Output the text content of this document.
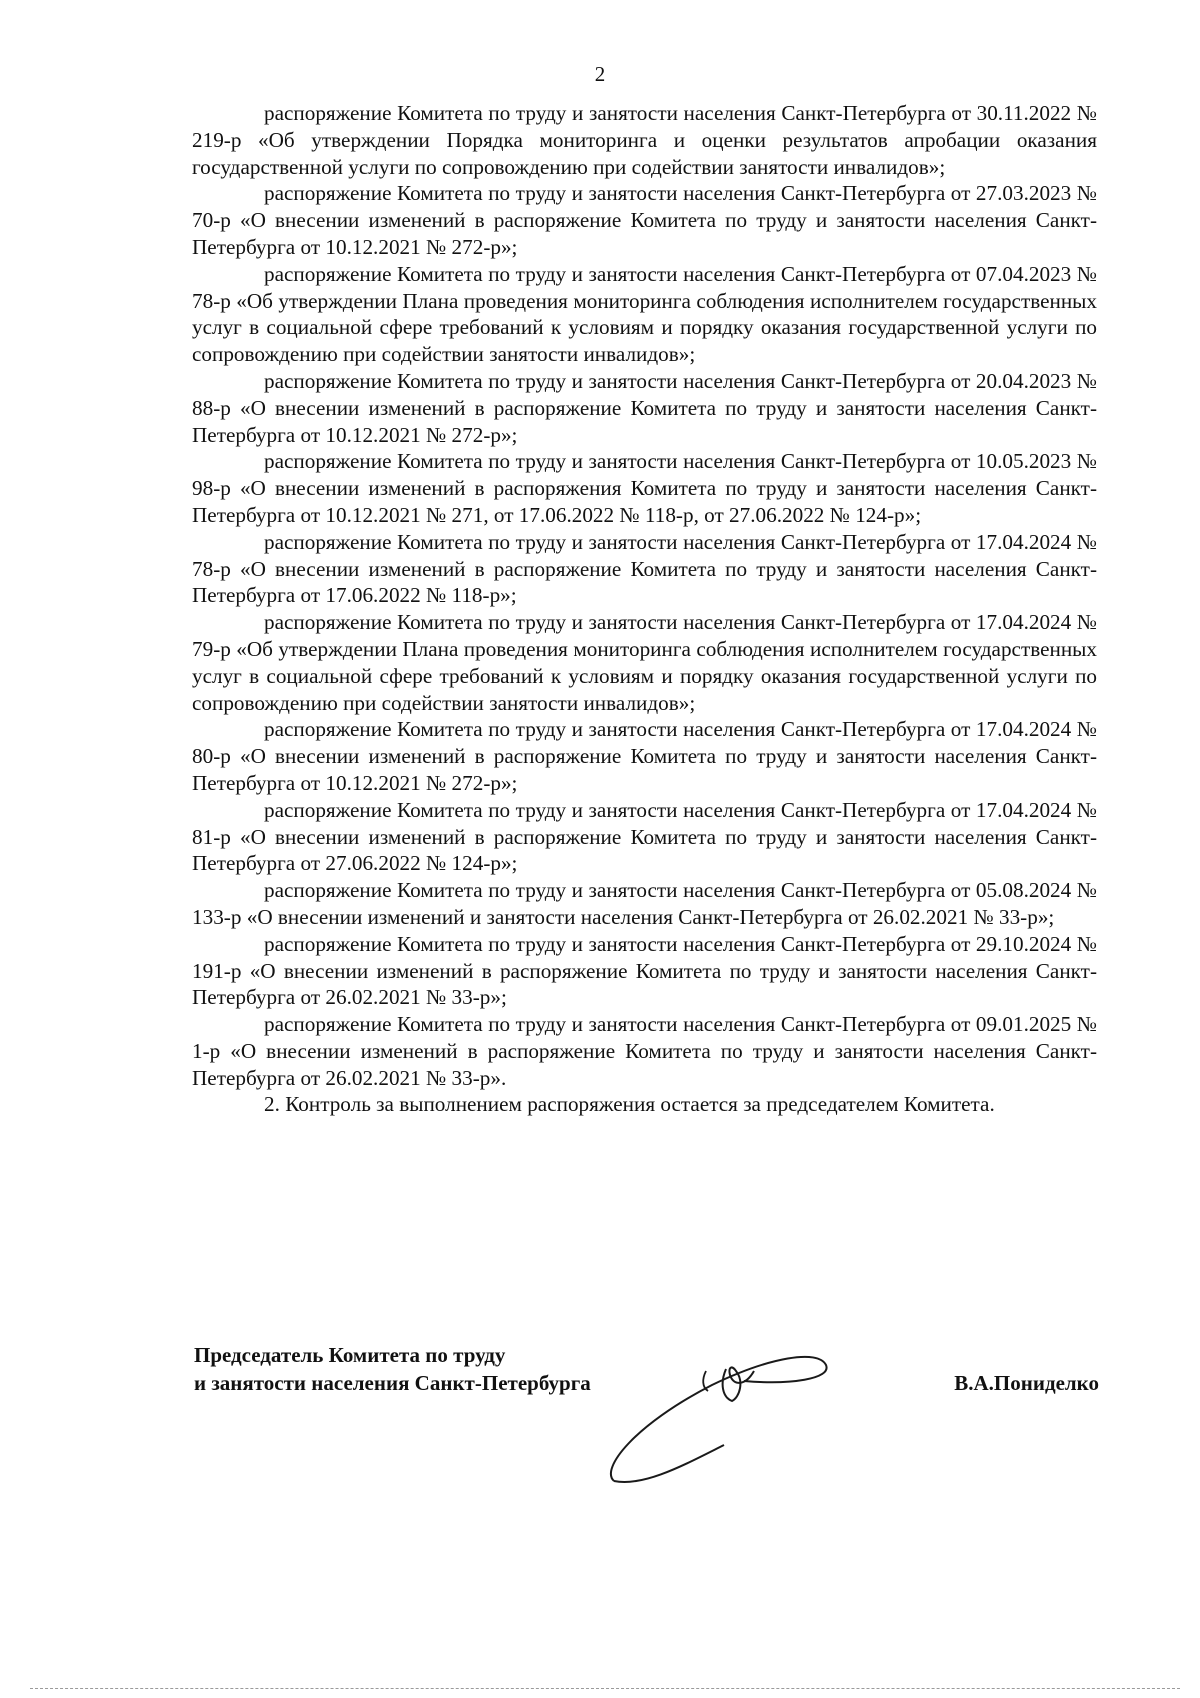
2

распоряжение Комитета по труду и занятости населения Санкт-Петербурга от 30.11.2022 № 219-р «Об утверждении Порядка мониторинга и оценки результатов апробации оказания государственной услуги по сопровождению при содействии занятости инвалидов»;

распоряжение Комитета по труду и занятости населения Санкт-Петербурга от 27.03.2023 № 70-р «О внесении изменений в распоряжение Комитета по труду и занятости населения Санкт-Петербурга от 10.12.2021 № 272-р»;

распоряжение Комитета по труду и занятости населения Санкт-Петербурга от 07.04.2023 № 78-р «Об утверждении Плана проведения мониторинга соблюдения исполнителем государственных услуг в социальной сфере требований к условиям и порядку оказания государственной услуги по сопровождению при содействии занятости инвалидов»;

распоряжение Комитета по труду и занятости населения Санкт-Петербурга от 20.04.2023 № 88-р «О внесении изменений в распоряжение Комитета по труду и занятости населения Санкт-Петербурга от 10.12.2021 № 272-р»;

распоряжение Комитета по труду и занятости населения Санкт-Петербурга от 10.05.2023 № 98-р «О внесении изменений в распоряжения Комитета по труду и занятости населения Санкт-Петербурга от 10.12.2021 № 271, от 17.06.2022 № 118-р, от 27.06.2022 № 124-р»;

распоряжение Комитета по труду и занятости населения Санкт-Петербурга от 17.04.2024 № 78-р «О внесении изменений в распоряжение Комитета по труду и занятости населения Санкт-Петербурга от 17.06.2022 № 118-р»;

распоряжение Комитета по труду и занятости населения Санкт-Петербурга от 17.04.2024 № 79-р «Об утверждении Плана проведения мониторинга соблюдения исполнителем государственных услуг в социальной сфере требований к условиям и порядку оказания государственной услуги по сопровождению при содействии занятости инвалидов»;

распоряжение Комитета по труду и занятости населения Санкт-Петербурга от 17.04.2024 № 80-р «О внесении изменений в распоряжение Комитета по труду и занятости населения Санкт-Петербурга от 10.12.2021 № 272-р»;

распоряжение Комитета по труду и занятости населения Санкт-Петербурга от 17.04.2024 № 81-р «О внесении изменений в распоряжение Комитета по труду и занятости населения Санкт-Петербурга от 27.06.2022 № 124-р»;

распоряжение Комитета по труду и занятости населения Санкт-Петербурга от 05.08.2024 № 133-р «О внесении изменений и занятости населения Санкт-Петербурга от 26.02.2021 № 33-р»;

распоряжение Комитета по труду и занятости населения Санкт-Петербурга от 29.10.2024 № 191-р «О внесении изменений в распоряжение Комитета по труду и занятости населения Санкт-Петербурга от 26.02.2021 № 33-р»;

распоряжение Комитета по труду и занятости населения Санкт-Петербурга от 09.01.2025 № 1-р «О внесении изменений в распоряжение Комитета по труду и занятости населения Санкт-Петербурга от 26.02.2021 № 33-р».

2. Контроль за выполнением распоряжения остается за председателем Комитета.

Председатель Комитета по труду
и занятости населения Санкт-Петербурга	В.А.Пониделко
